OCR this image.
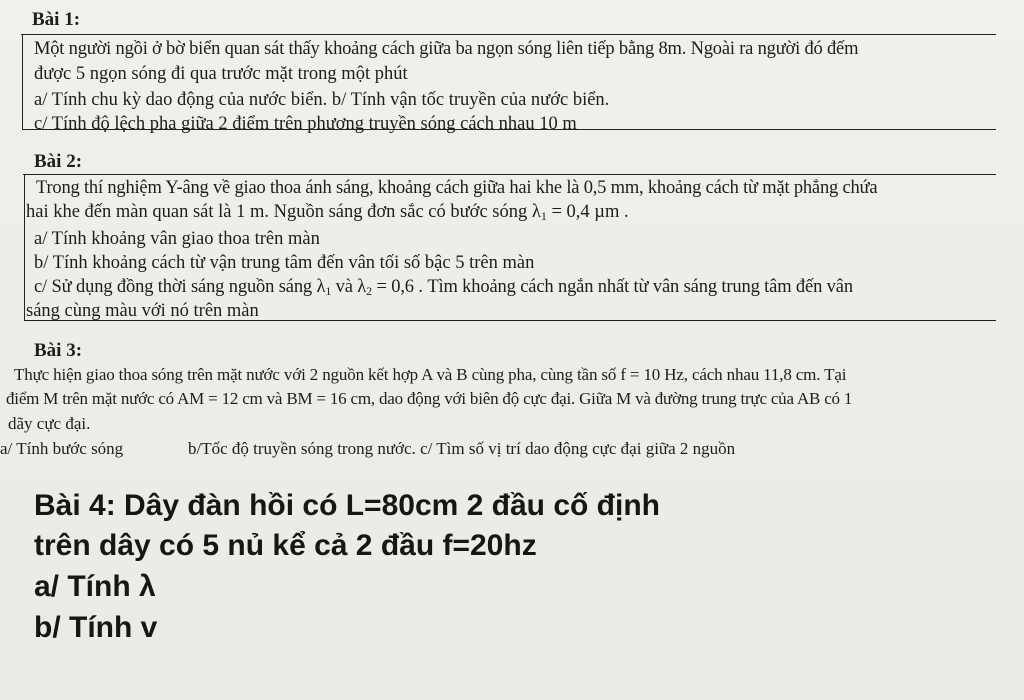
Bài 1:
Một người ngồi ở bờ biển quan sát thấy khoảng cách giữa ba ngọn sóng liên tiếp bằng 8m. Ngoài ra người đó đếm
được 5 ngọn sóng đi qua trước mặt trong một phút
a/ Tính chu kỳ dao động của nước biển. b/ Tính vận tốc truyền của nước biển.
c/ Tính độ lệch pha giữa 2 điểm trên phương truyền sóng cách nhau 10 m
Bài 2:
Trong thí nghiệm Y-âng về giao thoa ánh sáng, khoảng cách giữa hai khe là 0,5 mm, khoảng cách từ mặt phẳng chứa
hai khe đến màn quan sát là 1 m. Nguồn sáng đơn sắc có bước sóng $\lambda_1 = 0,4$ µm .
a/ Tính khoảng vân giao thoa trên màn
b/ Tính khoảng cách từ vận trung tâm đến vân tối số bậc 5 trên màn
c/ Sử dụng đồng thời sáng nguồn sáng $\lambda_1$ và $\lambda_2 = 0,6$ . Tìm khoảng cách ngắn nhất từ vân sáng trung tâm đến vân
sáng cùng màu với nó trên màn
Bài 3:
Thực hiện giao thoa sóng trên mặt nước với 2 nguồn kết hợp A và B cùng pha, cùng tần số f = 10 Hz, cách nhau 11,8 cm. Tại
điểm M trên mặt nước có AM = 12 cm và BM = 16 cm, dao động với biên độ cực đại. Giữa M và đường trung trực của AB có 1
dãy cực đại.
a/ Tính bước sóng	b/Tốc độ truyền sóng trong nước. c/ Tìm số vị trí dao động cực đại giữa 2 nguồn
Bài 4: Dây đàn hồi có L=80cm 2 đầu cố định
trên dây có 5 nủ kể cả 2 đầu f=20hz
a/ Tính λ
b/ Tính v
